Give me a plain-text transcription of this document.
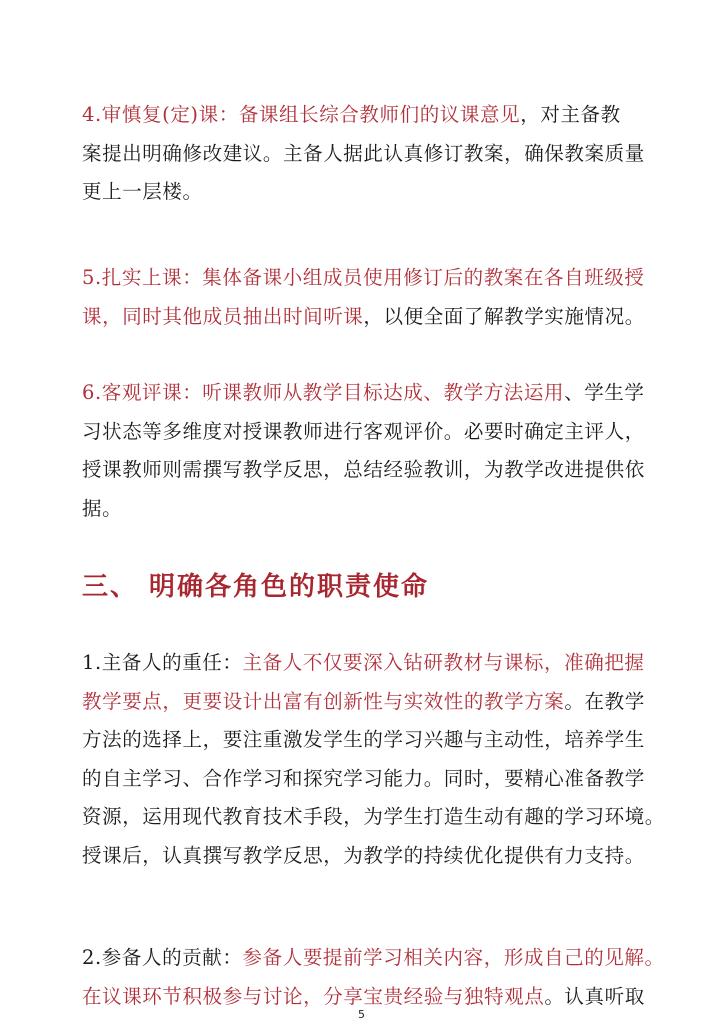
4.审慎复(定)课：备课组长综合教师们的议课意见，对主备教
案提出明确修改建议。主备人据此认真修订教案，确保教案质量
更上一层楼。
5.扎实上课：集体备课小组成员使用修订后的教案在各自班级授
课，同时其他成员抽出时间听课，以便全面了解教学实施情况。
6.客观评课：听课教师从教学目标达成、教学方法运用、学生学
习状态等多维度对授课教师进行客观评价。必要时确定主评人，
授课教师则需撰写教学反思，总结经验教训，为教学改进提供依
据。
三、 明确各角色的职责使命
1.主备人的重任：主备人不仅要深入钻研教材与课标，准确把握
教学要点，更要设计出富有创新性与实效性的教学方案。在教学
方法的选择上，要注重激发学生的学习兴趣与主动性，培养学生
的自主学习、合作学习和探究学习能力。同时，要精心准备教学
资源，运用现代教育技术手段，为学生打造生动有趣的学习环境。
授课后，认真撰写教学反思，为教学的持续优化提供有力支持。
2.参备人的贡献：参备人要提前学习相关内容，形成自己的见解。
在议课环节积极参与讨论，分享宝贵经验与独特观点。认真听取
5
